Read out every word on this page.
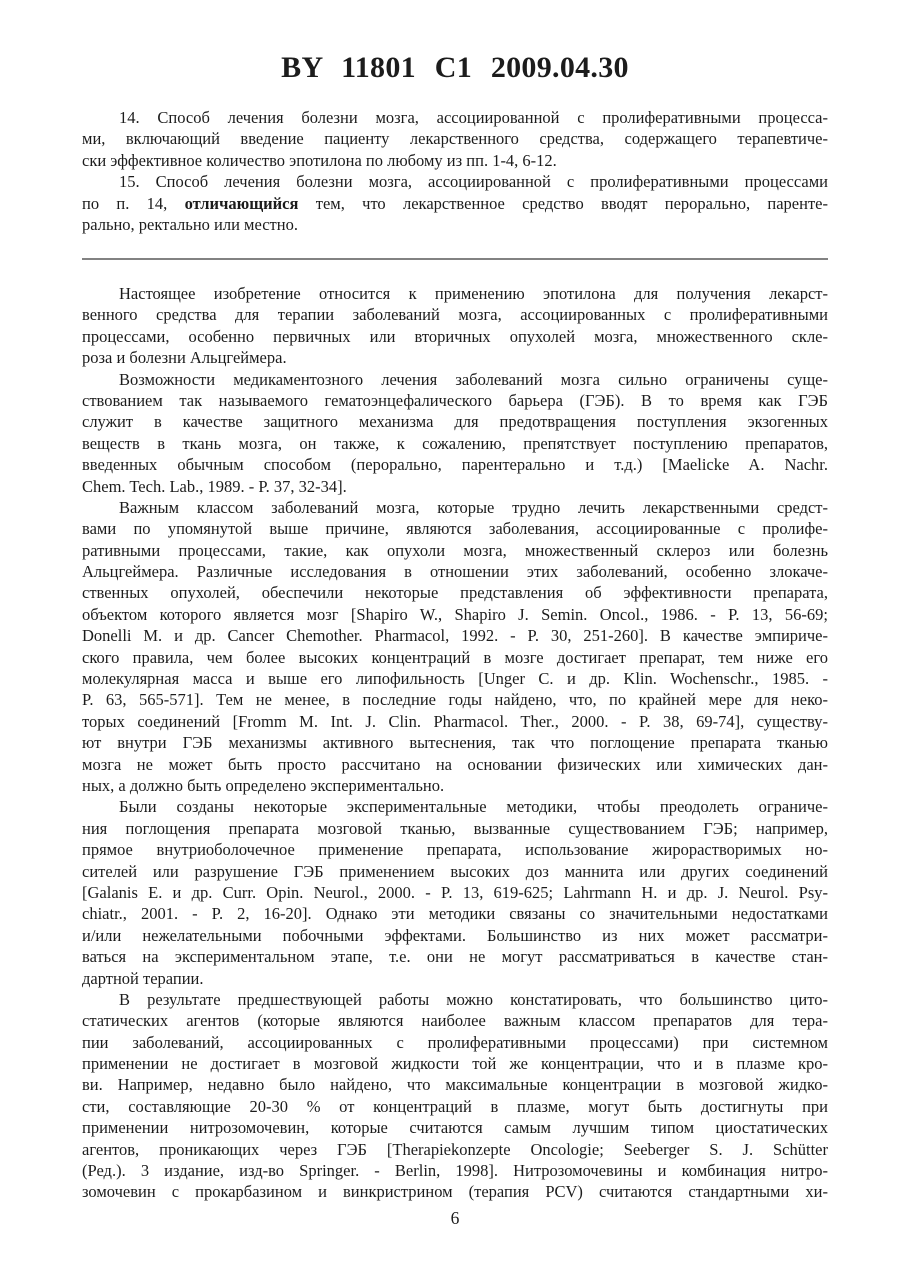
BY 11801 C1 2009.04.30
14. Способ лечения болезни мозга, ассоциированной с пролиферативными процесса-
ми, включающий введение пациенту лекарственного средства, содержащего терапевтиче-
ски эффективное количество эпотилона по любому из пп. 1-4, 6-12.
15. Способ лечения болезни мозга, ассоциированной с пролиферативными процессами
по п. 14, отличающийся тем, что лекарственное средство вводят перорально, паренте-
рально, ректально или местно.
Настоящее изобретение относится к применению эпотилона для получения лекарст-
венного средства для терапии заболеваний мозга, ассоциированных с пролиферативными
процессами, особенно первичных или вторичных опухолей мозга, множественного скле-
роза и болезни Альцгеймера.
Возможности медикаментозного лечения заболеваний мозга сильно ограничены суще-
ствованием так называемого гематоэнцефалического барьера (ГЭБ). В то время как ГЭБ
служит в качестве защитного механизма для предотвращения поступления экзогенных
веществ в ткань мозга, он также, к сожалению, препятствует поступлению препаратов,
введенных обычным способом (перорально, парентерально и т.д.) [Maelicke A. Nachr.
Chem. Tech. Lab., 1989. - P. 37, 32-34].
Важным классом заболеваний мозга, которые трудно лечить лекарственными средст-
вами по упомянутой выше причине, являются заболевания, ассоциированные с пролифе-
ративными процессами, такие, как опухоли мозга, множественный склероз или болезнь
Альцгеймера. Различные исследования в отношении этих заболеваний, особенно злокаче-
ственных опухолей, обеспечили некоторые представления об эффективности препарата,
объектом которого является мозг [Shapiro W., Shapiro J. Semin. Oncol., 1986. - P. 13, 56-69;
Donelli M. и др. Cancer Chemother. Pharmacol, 1992. - P. 30, 251-260]. В качестве эмпириче-
ского правила, чем более высоких концентраций в мозге достигает препарат, тем ниже его
молекулярная масса и выше его липофильность [Unger C. и др. Klin. Wochenschr., 1985. -
P. 63, 565-571]. Тем не менее, в последние годы найдено, что, по крайней мере для неко-
торых соединений [Fromm M. Int. J. Clin. Pharmacol. Ther., 2000. - P. 38, 69-74], существу-
ют внутри ГЭБ механизмы активного вытеснения, так что поглощение препарата тканью
мозга не может быть просто рассчитано на основании физических или химических дан-
ных, а должно быть определено экспериментально.
Были созданы некоторые экспериментальные методики, чтобы преодолеть ограниче-
ния поглощения препарата мозговой тканью, вызванные существованием ГЭБ; например,
прямое внутриоболочечное применение препарата, использование жирорастворимых но-
сителей или разрушение ГЭБ применением высоких доз маннита или других соединений
[Galanis E. и др. Curr. Opin. Neurol., 2000. - P. 13, 619-625; Lahrmann H. и др. J. Neurol. Psy-
chiatr., 2001. - P. 2, 16-20]. Однако эти методики связаны со значительными недостатками
и/или нежелательными побочными эффектами. Большинство из них может рассматри-
ваться на экспериментальном этапе, т.е. они не могут рассматриваться в качестве стан-
дартной терапии.
В результате предшествующей работы можно констатировать, что большинство цито-
статических агентов (которые являются наиболее важным классом препаратов для тера-
пии заболеваний, ассоциированных с пролиферативными процессами) при системном
применении не достигает в мозговой жидкости той же концентрации, что и в плазме кро-
ви. Например, недавно было найдено, что максимальные концентрации в мозговой жидко-
сти, составляющие 20-30 % от концентраций в плазме, могут быть достигнуты при
применении нитрозомочевин, которые считаются самым лучшим типом циостатических
агентов, проникающих через ГЭБ [Therapiekonzepte Oncologie; Seeberger S. J. Schütter
(Ред.). 3 издание, изд-во Springer. - Berlin, 1998]. Нитрозомочевины и комбинация нитро-
зомочевин с прокарбазином и винкристрином (терапия PCV) считаются стандартными хи-
6
